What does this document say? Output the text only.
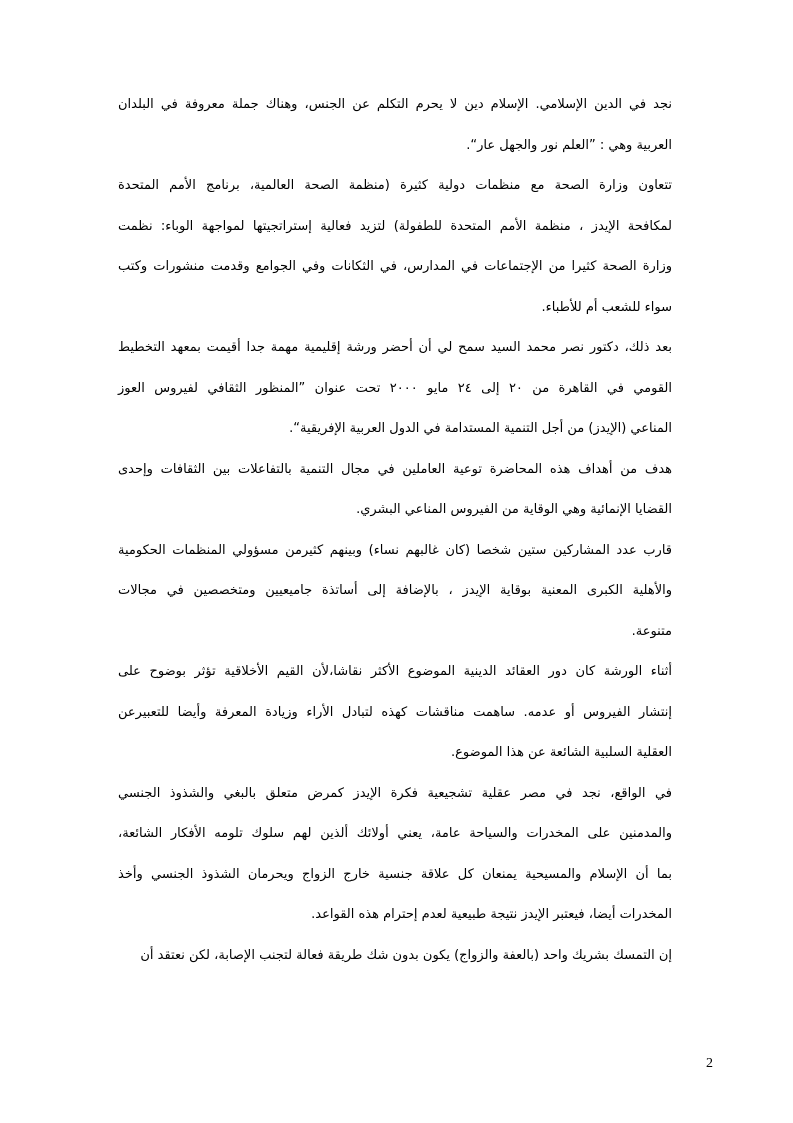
نجد في الدين الإسلامي. الإسلام دين لا يحرم التكلم عن الجنس، وهناك جملة معروفة في البلدان
العربية وهي : ”العلم نور والجهل عار“.
تتعاون وزارة الصحة مع منظمات دولية كثيرة (منظمة الصحة العالمية، برنامج الأمم المتحدة
لمكافحة الإيدز ، منظمة الأمم المتحدة للطفولة) لتزيد فعالية إستراتجيتها لمواجهة الوباء: نظمت
وزارة الصحة كثيرا من الإجتماعات في المدارس، في الثكانات وفي الجوامع وقدمت منشورات وكتب
سواء للشعب أم للأطباء.
بعد ذلك، دكتور نصر محمد السيد سمح لي أن أحضر ورشة إقليمية مهمة جدا أقيمت بمعهد التخطيط
القومي في القاهرة من ٢٠ إلى ٢٤ مايو ٢٠٠٠ تحت عنوان ”المنظور الثقافي لفيروس العوز
المناعي (الإيدز) من أجل التنمية المستدامة في الدول العربية الإفريقية“.
هدف من أهداف هذه المحاضرة توعية العاملين في مجال التنمية بالتفاعلات بين الثقافات وإحدى
القضايا الإنمائية وهي الوقاية من الفيروس المناعي البشري.
قارب عدد المشاركين ستين شخصا (كان غالبهم نساء) وبينهم كثيرمن مسؤولي المنظمات الحكومية
والأهلية الكبرى المعنية بوقاية الإيدز ، بالإضافة إلى أساتذة جاميعيين ومتخصصين في مجالات
متنوعة.
أثناء الورشة كان دور العقائد الدينية الموضوع الأكثر نقاشا،لأن القيم الأخلاقية تؤثر بوضوح على
إنتشار الفيروس أو عدمه. ساهمت مناقشات كهذه لتبادل الأراء وزيادة المعرفة وأيضا للتعبيرعن
العقلية السلبية الشائعة عن هذا الموضوع.
في الواقع، نجد في مصر عقلية تشجيعية فكرة الإيدز كمرض متعلق بالبغي والشذوذ الجنسي
والمدمنين على المخدرات والسياحة عامة، يعني أولائك ألذين لهم سلوك تلومه الأفكار الشائعة،
بما أن الإسلام والمسيحية يمنعان كل علاقة جنسية خارج الزواج ويحرمان الشذوذ الجنسي وأخذ
المخدرات أيضا، فيعتبر الإيدز نتيجة طبيعية لعدم إحترام هذه القواعد.
إن التمسك بشريك واحد (بالعفة والزواج) يكون بدون شك طريقة فعالة لتجنب الإصابة، لكن نعتقد أن
2
